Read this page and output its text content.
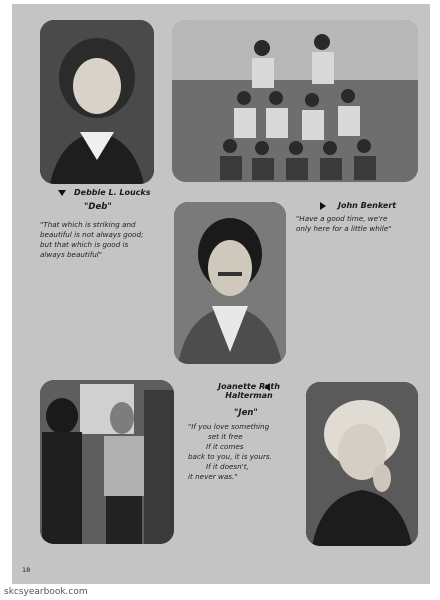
Debbie L. Loucks
"Deb"
"That which is striking and
beautiful is not always good;
but that which is good is
always beautiful"
John Benkert
"Have a good time, we're
only here for a little while"
Joanette Ruth
Halterman
"Jen"
"If you love something
set it free
If it comes
back to you, it is yours.
If it doesn't,
it never was."
18
skcsyearbook.com
